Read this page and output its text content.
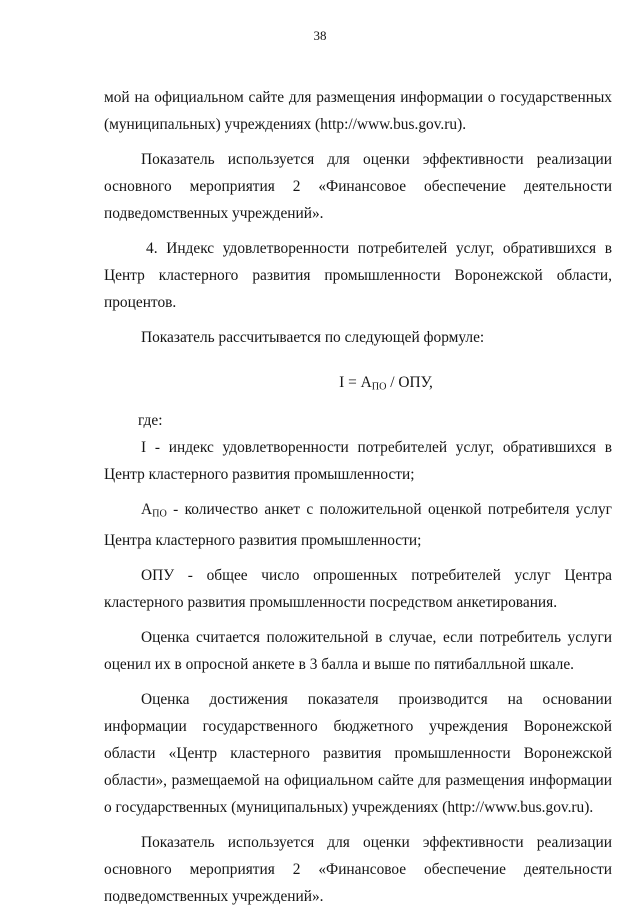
38

мой на официальном сайте для размещения информации о государственных (муниципальных) учреждениях (http://www.bus.gov.ru).

Показатель используется для оценки эффективности реализации основного мероприятия 2 «Финансовое обеспечение деятельности подведомственных учреждений».

4. Индекс удовлетворенности потребителей услуг, обратившихся в Центр кластерного развития промышленности Воронежской области, процентов.

Показатель рассчитывается по следующей формуле:

$I = А_{ПО}$ / ОПУ,

где:

I - индекс удовлетворенности потребителей услуг, обратившихся в Центр кластерного развития промышленности;

$А_{ПО}$ - количество анкет с положительной оценкой потребителя услуг Центра кластерного развития промышленности;

ОПУ - общее число опрошенных потребителей услуг Центра кластерного развития промышленности посредством анкетирования.

Оценка считается положительной в случае, если потребитель услуги оценил их в опросной анкете в 3 балла и выше по пятибалльной шкале.

Оценка достижения показателя производится на основании информации государственного бюджетного учреждения Воронежской области «Центр кластерного развития промышленности Воронежской области», размещаемой на официальном сайте для размещения информации о государственных (муниципальных) учреждениях (http://www.bus.gov.ru).

Показатель используется для оценки эффективности реализации основного мероприятия 2 «Финансовое обеспечение деятельности подведомственных учреждений».
